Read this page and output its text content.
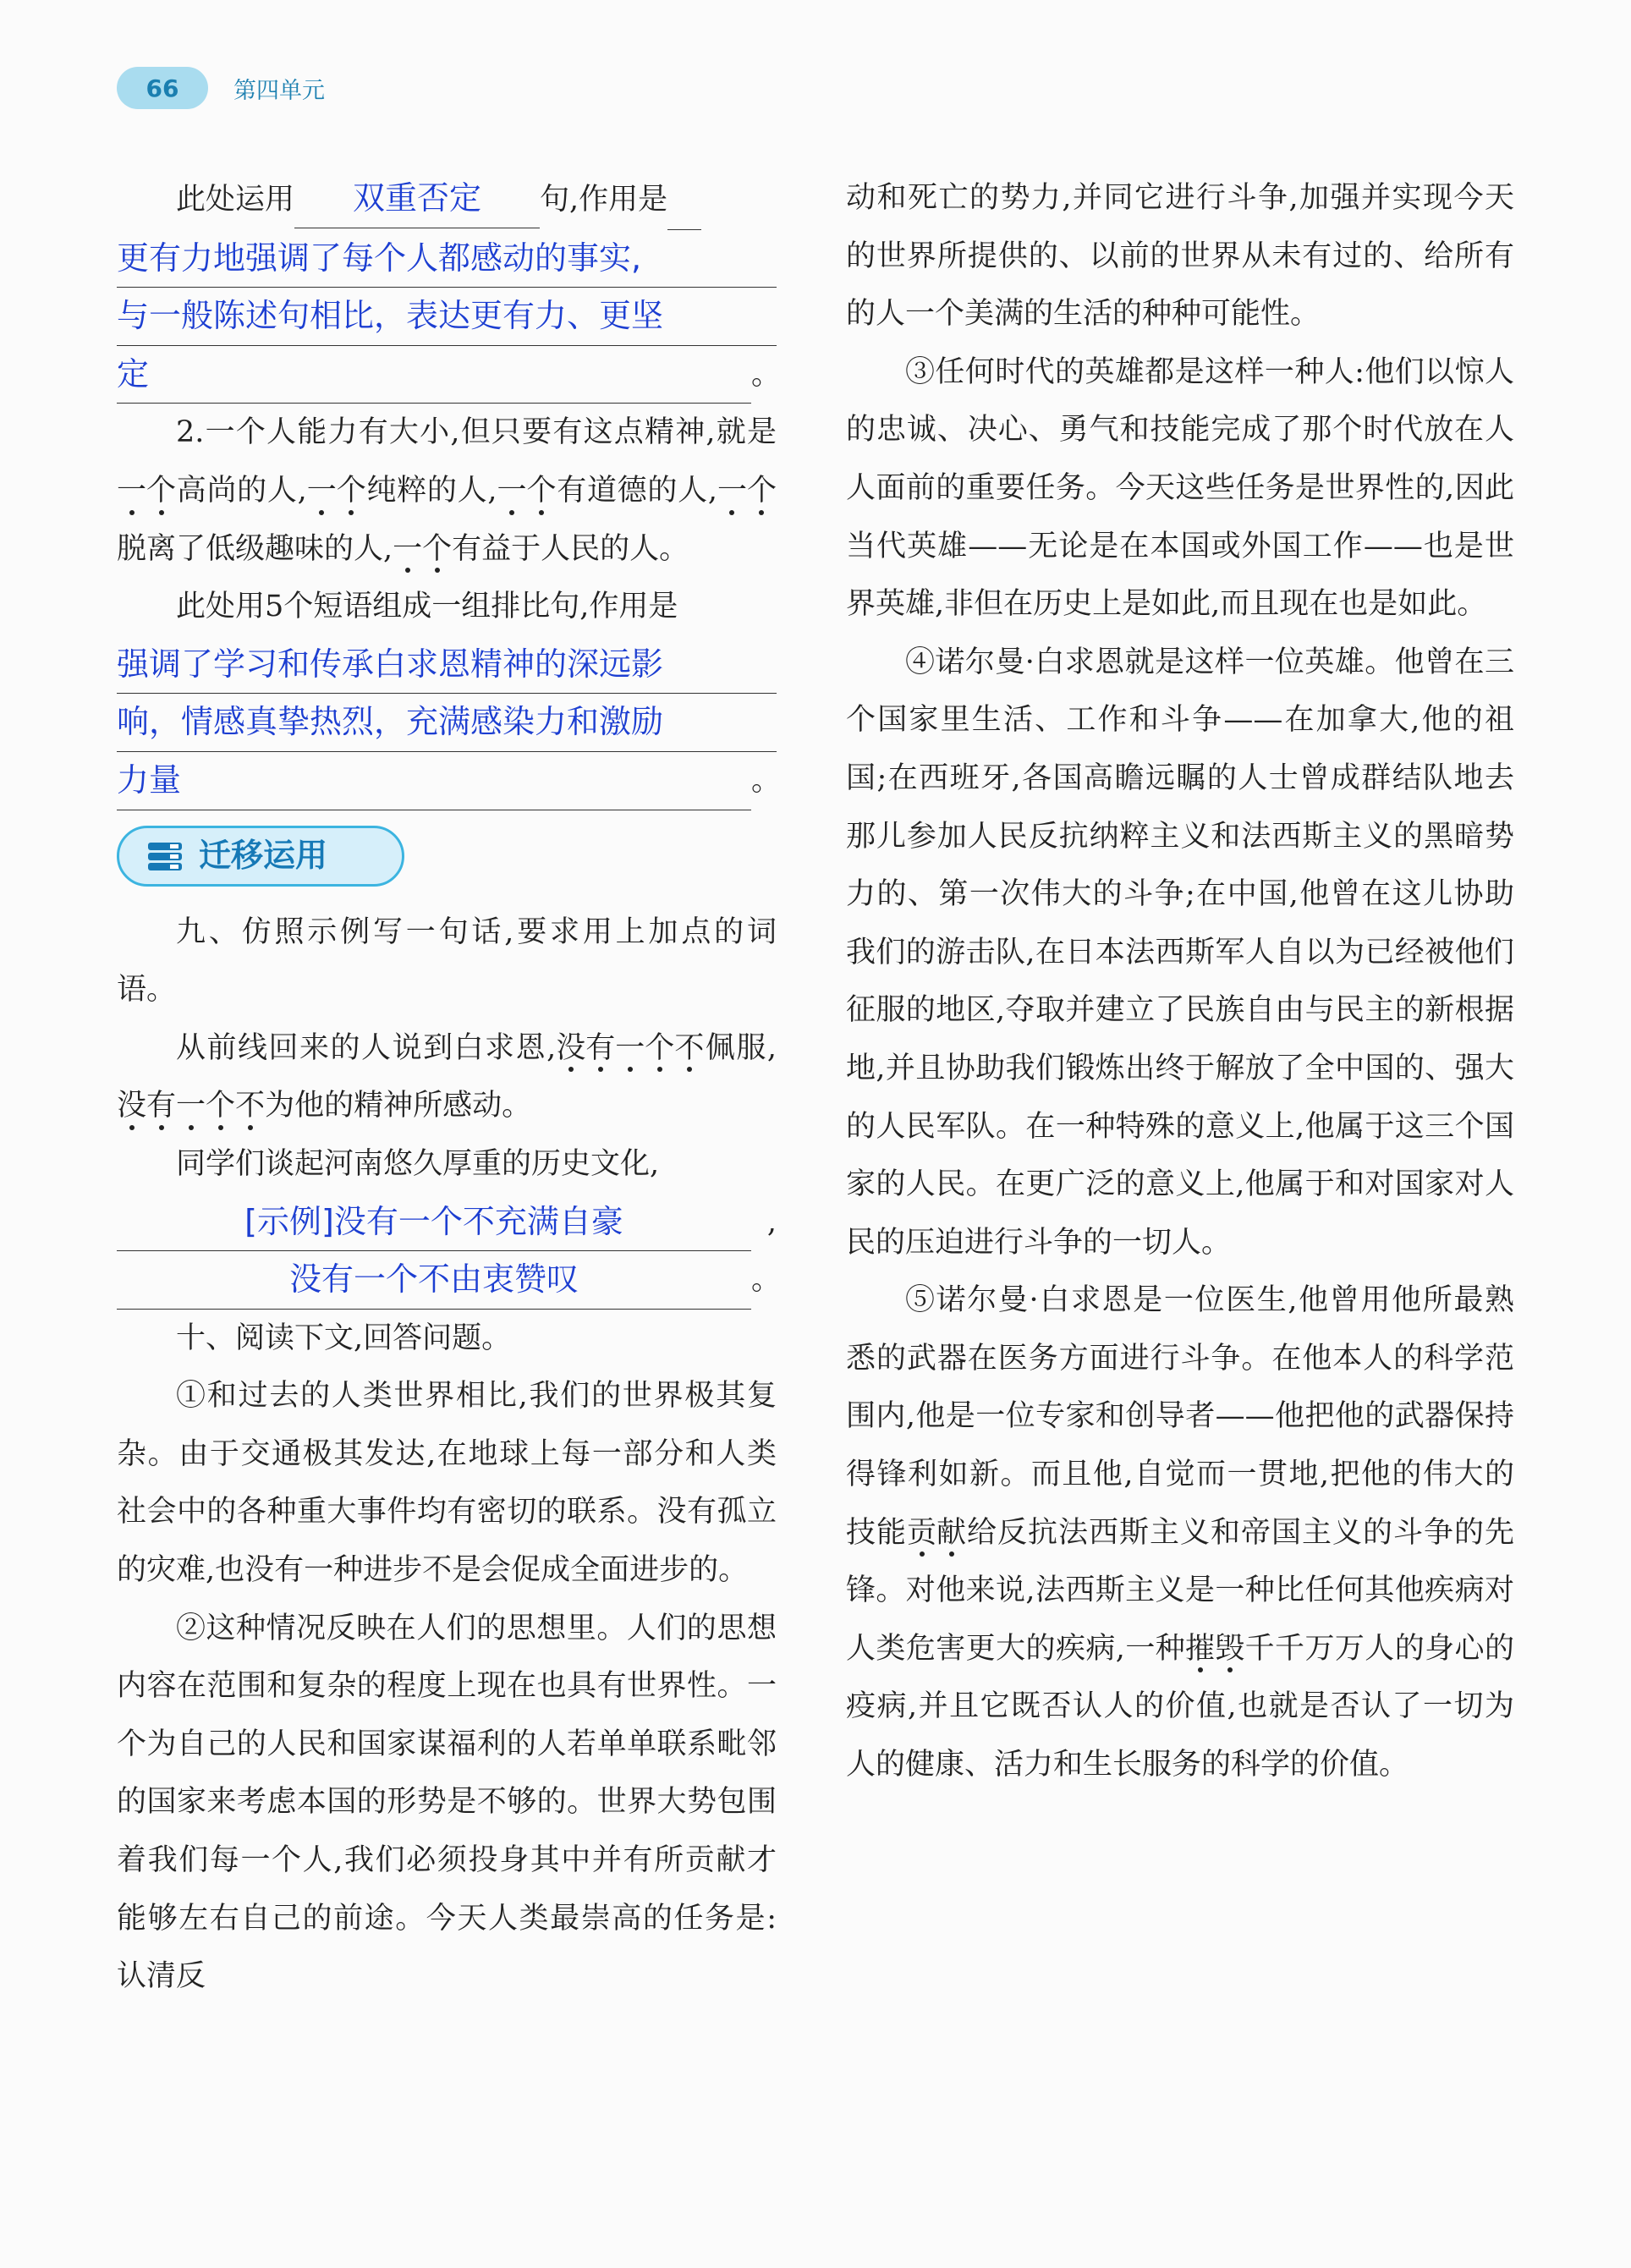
66	第四单元

此处运用 双重否定 句,作用是

更有力地强调了每个人都感动的事实,
与一般陈述句相比，表达更有力、更坚
定	。

2.一个人能力有大小,但只要有这点精神,就是一个高尚的人,一个纯粹的人,一个有道德的人,一个脱离了低级趣味的人,一个有益于人民的人。

此处用5个短语组成一组排比句,作用是

强调了学习和传承白求恩精神的深远影
响，情感真挚热烈，充满感染力和激励
力量	。
迁移运用

九、仿照示例写一句话,要求用上加点的词语。

从前线回来的人说到白求恩,没有一个不佩服,没有一个不为他的精神所感动。

同学们谈起河南悠久厚重的历史文化,

[示例]没有一个不充满自豪	,
没有一个不由衷赞叹	。

十、阅读下文,回答问题。

①和过去的人类世界相比,我们的世界极其复杂。由于交通极其发达,在地球上每一部分和人类社会中的各种重大事件均有密切的联系。没有孤立的灾难,也没有一种进步不是会促成全面进步的。

②这种情况反映在人们的思想里。人们的思想内容在范围和复杂的程度上现在也具有世界性。一个为自己的人民和国家谋福利的人若单单联系毗邻的国家来考虑本国的形势是不够的。世界大势包围着我们每一个人,我们必须投身其中并有所贡献才能够左右自己的前途。今天人类最崇高的任务是:认清反

动和死亡的势力,并同它进行斗争,加强并实现今天的世界所提供的、以前的世界从未有过的、给所有的人一个美满的生活的种种可能性。

③任何时代的英雄都是这样一种人:他们以惊人的忠诚、决心、勇气和技能完成了那个时代放在人人面前的重要任务。今天这些任务是世界性的,因此当代英雄——无论是在本国或外国工作——也是世界英雄,非但在历史上是如此,而且现在也是如此。

④诺尔曼·白求恩就是这样一位英雄。他曾在三个国家里生活、工作和斗争——在加拿大,他的祖国;在西班牙,各国高瞻远瞩的人士曾成群结队地去那儿参加人民反抗纳粹主义和法西斯主义的黑暗势力的、第一次伟大的斗争;在中国,他曾在这儿协助我们的游击队,在日本法西斯军人自以为已经被他们征服的地区,夺取并建立了民族自由与民主的新根据地,并且协助我们锻炼出终于解放了全中国的、强大的人民军队。在一种特殊的意义上,他属于这三个国家的人民。在更广泛的意义上,他属于和对国家对人民的压迫进行斗争的一切人。

⑤诺尔曼·白求恩是一位医生,他曾用他所最熟悉的武器在医务方面进行斗争。在他本人的科学范围内,他是一位专家和创导者——他把他的武器保持得锋利如新。而且他,自觉而一贯地,把他的伟大的技能贡献给反抗法西斯主义和帝国主义的斗争的先锋。对他来说,法西斯主义是一种比任何其他疾病对人类危害更大的疾病,一种摧毁千千万万人的身心的疫病,并且它既否认人的价值,也就是否认了一切为人的健康、活力和生长服务的科学的价值。
